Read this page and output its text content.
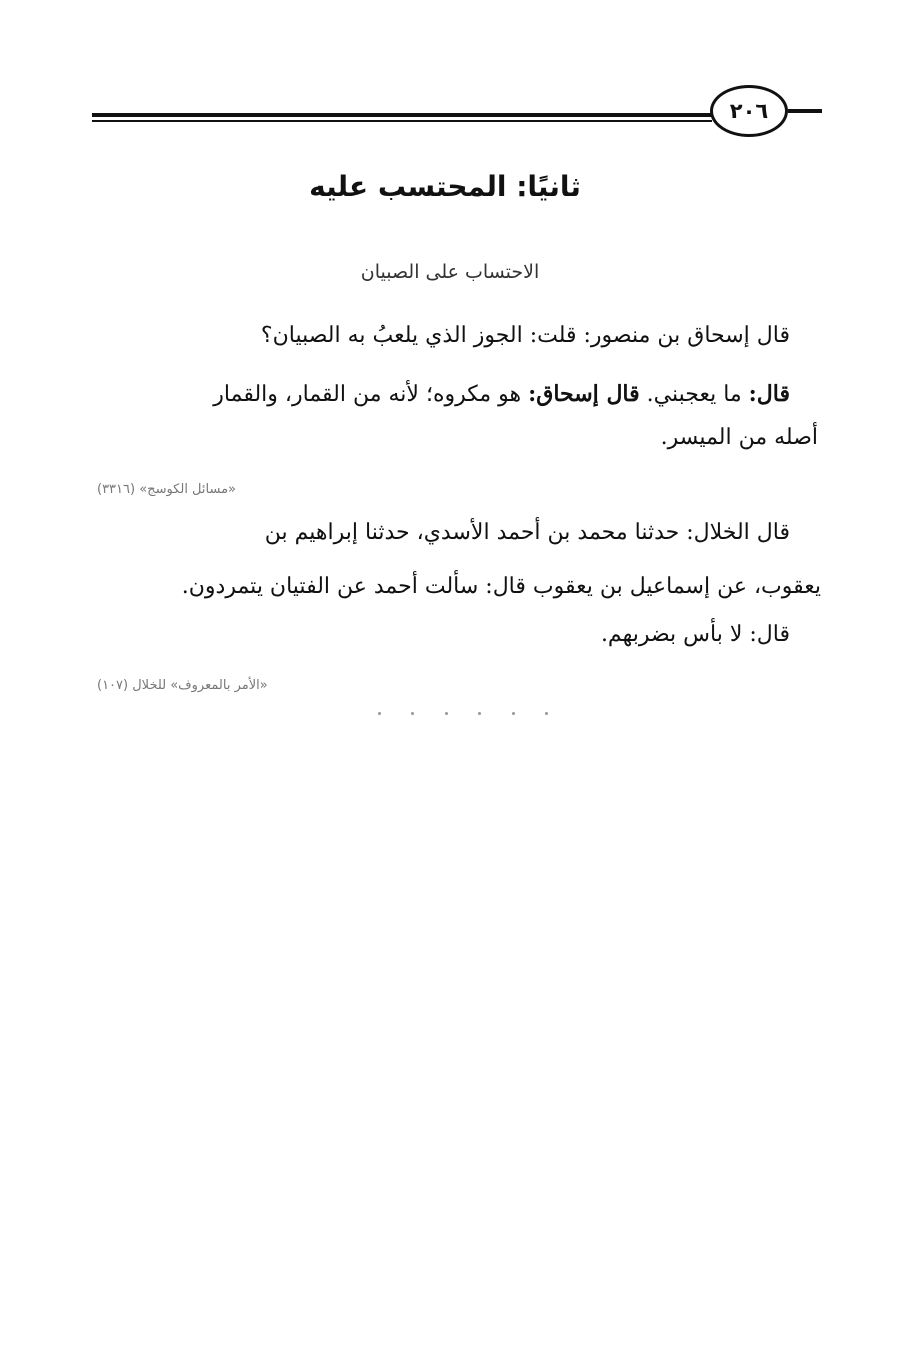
٢٠٦
ثانيًا: المحتسب عليه
الاحتساب على الصبيان
قال إسحاق بن منصور: قلت: الجوز الذي يلعبُ به الصبيان؟
قال: ما يعجبني. قال إسحاق: هو مكروه؛ لأنه من القمار، والقمار
أصله من الميسر.
«مسائل الكوسج» (٣٣١٦)
قال الخلال: حدثنا محمد بن أحمد الأسدي، حدثنا إبراهيم بن
يعقوب، عن إسماعيل بن يعقوب قال: سألت أحمد عن الفتيان يتمردون.
قال: لا بأس بضربهم.
«الأمر بالمعروف» للخلال (١٠٧)
